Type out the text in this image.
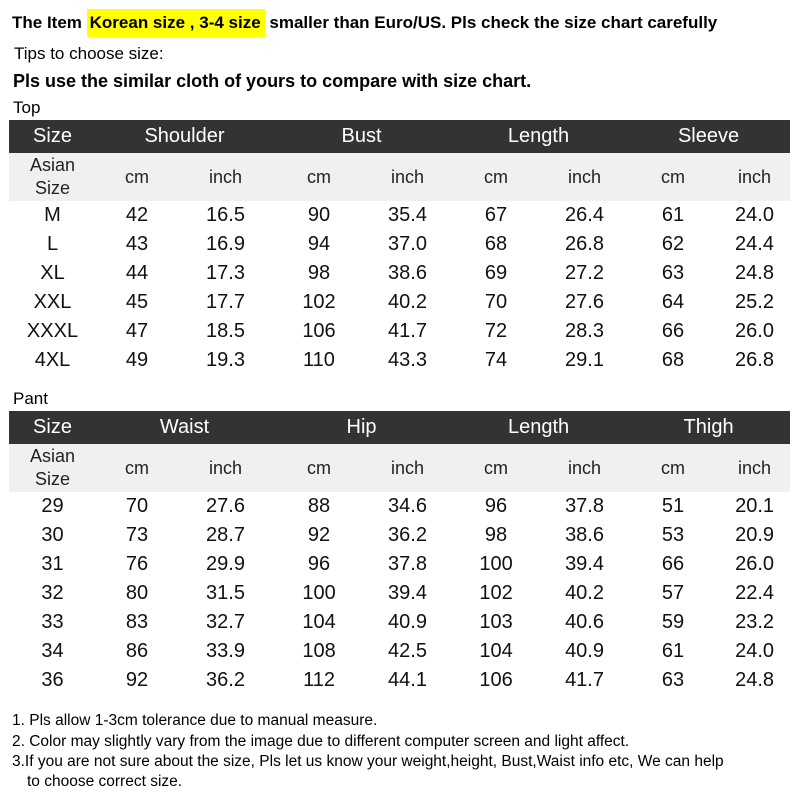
The Item Korean size , 3-4 size smaller than Euro/US. Pls check the size chart carefully
Tips to choose size:
Pls use the similar cloth of yours to compare with size chart.
Top
Size	Shoulder		Bust		Length		Sleeve	

Asian
Size	cm	inch	cm	inch	cm	inch	cm	inch
M	42	16.5	90	35.4	67	26.4	61	24.0
L	43	16.9	94	37.0	68	26.8	62	24.4
XL	44	17.3	98	38.6	69	27.2	63	24.8
XXL	45	17.7	102	40.2	70	27.6	64	25.2
XXXL	47	18.5	106	41.7	72	28.3	66	26.0
4XL	49	19.3	110	43.3	74	29.1	68	26.8
Pant
Size	Waist		Hip		Length		Thigh	

Asian
Size	cm	inch	cm	inch	cm	inch	cm	inch
29	70	27.6	88	34.6	96	37.8	51	20.1
30	73	28.7	92	36.2	98	38.6	53	20.9
31	76	29.9	96	37.8	100	39.4	66	26.0
32	80	31.5	100	39.4	102	40.2	57	22.4
33	83	32.7	104	40.9	103	40.6	59	23.2
34	86	33.9	108	42.5	104	40.9	61	24.0
36	92	36.2	112	44.1	106	41.7	63	24.8
1. Pls allow 1-3cm tolerance due to manual measure.
2. Color may slightly vary from the image due to different computer screen and light affect.
3.If you are not sure about the size, Pls let us know your weight,height, Bust,Waist info etc, We can help
to choose correct size.
